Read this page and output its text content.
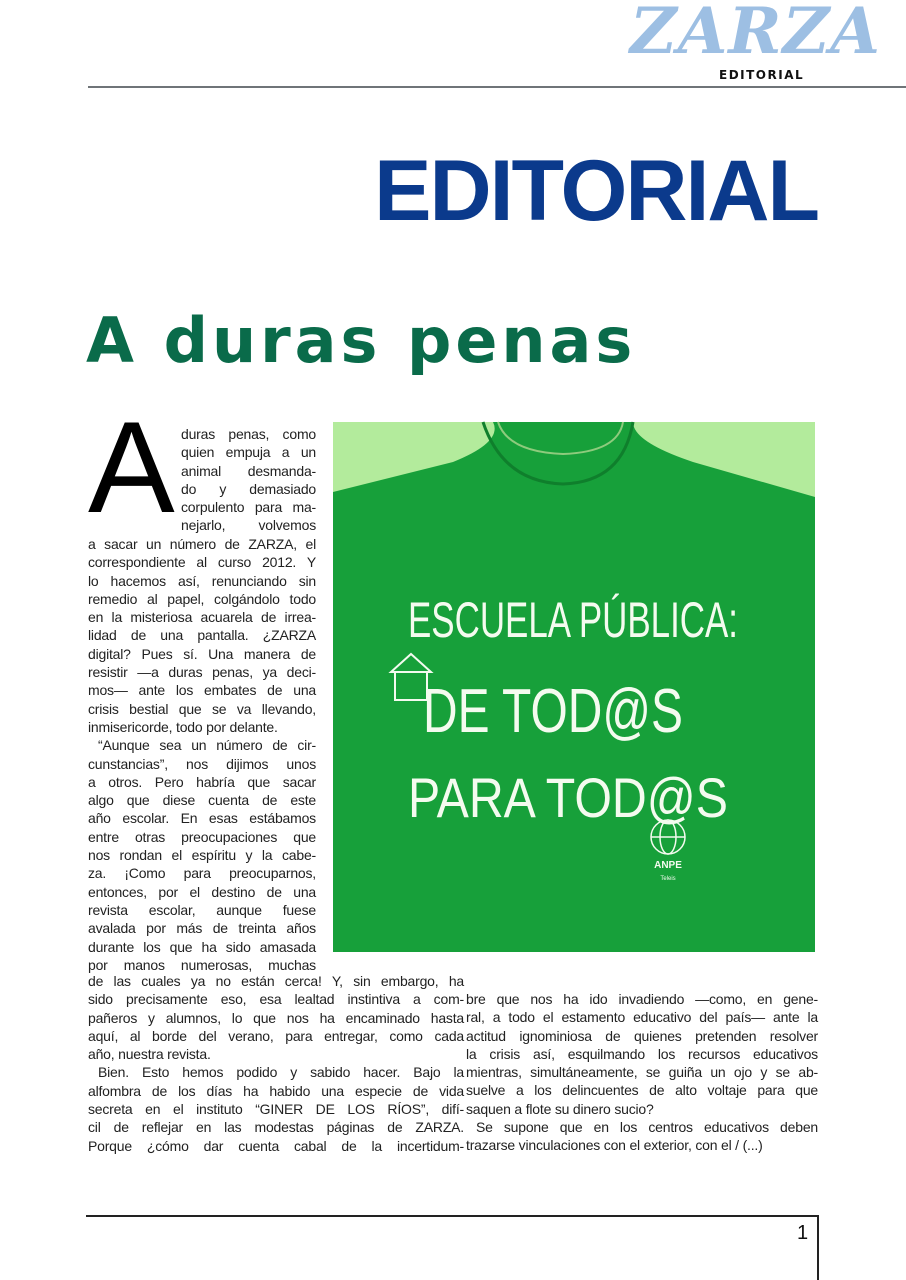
ZARZA
EDITORIAL
EDITORIAL
A duras penas
A duras penas, como
quien empuja a un
animal desmanda-
do y demasiado
corpulento para ma-
nejarlo, volvemos
a sacar un número de ZARZA, el
correspondiente al curso 2012. Y
lo hacemos así, renunciando sin
remedio al papel, colgándolo todo
en la misteriosa acuarela de irrea-
lidad de una pantalla. ¿ZARZA
digital? Pues sí. Una manera de
resistir —a duras penas, ya deci-
mos— ante los embates de una
crisis bestial que se va llevando,
inmisericorde, todo por delante.
“Aunque sea un número de cir-
cunstancias”, nos dijimos unos
a otros. Pero habría que sacar
algo que diese cuenta de este
año escolar. En esas estábamos
entre otras preocupaciones que
nos rondan el espíritu y la cabe-
za. ¡Como para preocuparnos,
entonces, por el destino de una
revista escolar, aunque fuese
avalada por más de treinta años
durante los que ha sido amasada
por manos numerosas, muchas
de las cuales ya no están cerca! Y, sin embargo, ha
sido precisamente eso, esa lealtad instintiva a com-
pañeros y alumnos, lo que nos ha encaminado hasta
aquí, al borde del verano, para entregar, como cada
año, nuestra revista.
Bien. Esto hemos podido y sabido hacer. Bajo la
alfombra de los días ha habido una especie de vida
secreta en el instituto “GINER DE LOS RÍOS”, difí-
cil de reflejar en las modestas páginas de ZARZA.
Porque ¿cómo dar cuenta cabal de la incertidum-
bre que nos ha ido invadiendo —como, en gene-
ral, a todo el estamento educativo del país— ante la
actitud ignominiosa de quienes pretenden resolver
la crisis así, esquilmando los recursos educativos
mientras, simultáneamente, se guiña un ojo y se ab-
suelve a los delincuentes de alto voltaje para que
saquen a flote su dinero sucio?
Se supone que en los centros educativos deben
trazarse vinculaciones con el exterior, con el / (...)
ESCUELA PÚBLICA:
DE TOD@S
PARA TOD@S
ANPE
Teleis
1
